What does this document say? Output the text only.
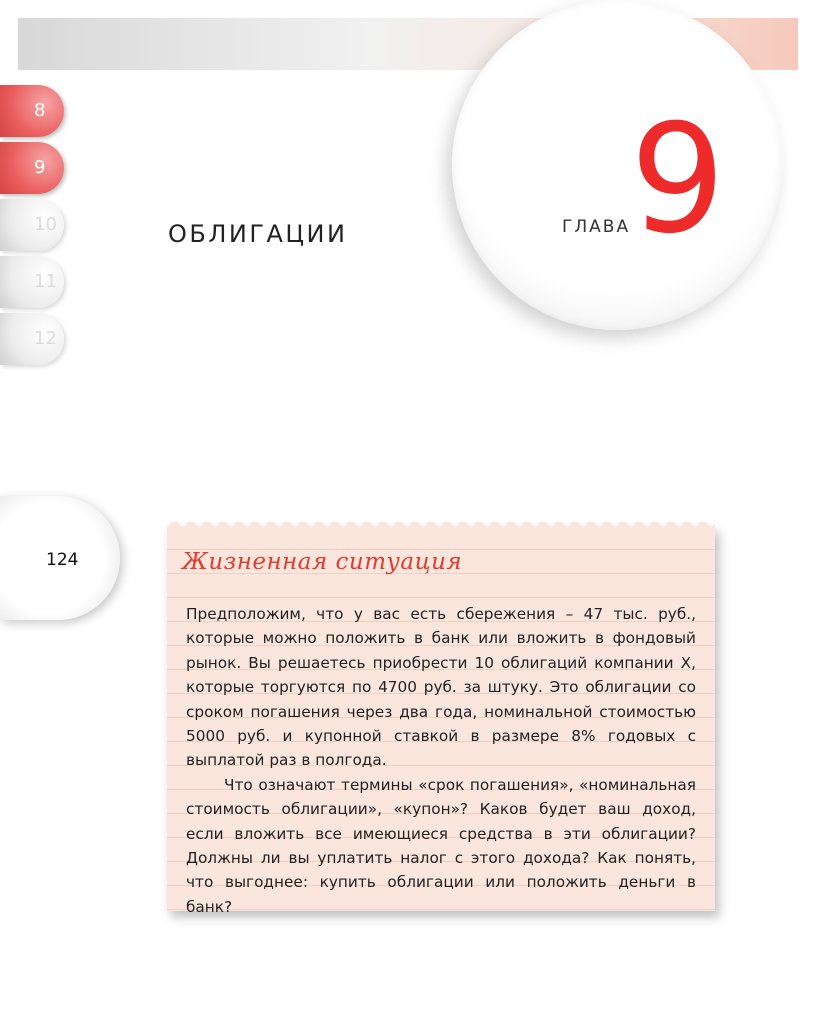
ГЛАВА 9
ОБЛИГАЦИИ
8
9
10
11
12
124	Жизненная ситуация

Предположим, что у вас есть сбережения – 47 тыс. руб., которые можно положить в банк или вложить в фондовый рынок. Вы решаетесь приобрести 10 облигаций компании X, которые торгуются по 4700 руб. за штуку. Это облигации со сроком погашения через два года, номинальной стоимостью 5000 руб. и купонной ставкой в размере 8% годовых с выплатой раз в полгода.

Что означают термины «срок погашения», «номинальная стоимость облигации», «купон»? Каков будет ваш доход, если вложить все имеющиеся средства в эти облигации? Должны ли вы уплатить налог с этого дохода? Как понять, что выгоднее: купить облигации или положить деньги в банк?
